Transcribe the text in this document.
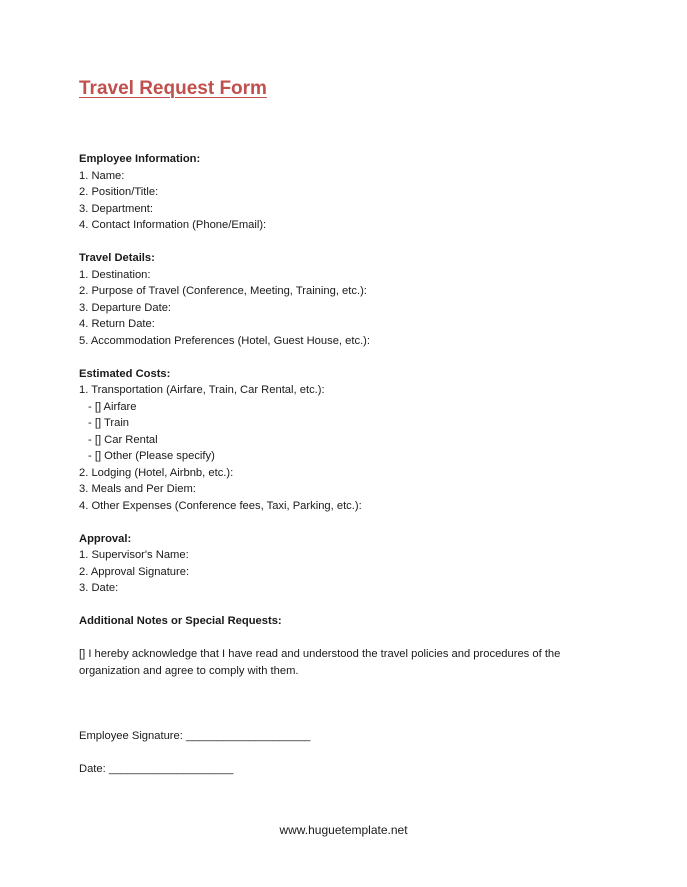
Travel Request Form
Employee Information:
1. Name:
2. Position/Title:
3. Department:
4. Contact Information (Phone/Email):
Travel Details:
1. Destination:
2. Purpose of Travel (Conference, Meeting, Training, etc.):
3. Departure Date:
4. Return Date:
5. Accommodation Preferences (Hotel, Guest House, etc.):
Estimated Costs:
1. Transportation (Airfare, Train, Car Rental, etc.):
- [] Airfare
- [] Train
- [] Car Rental
- [] Other (Please specify)
2. Lodging (Hotel, Airbnb, etc.):
3. Meals and Per Diem:
4. Other Expenses (Conference fees, Taxi, Parking, etc.):
Approval:
1. Supervisor's Name:
2. Approval Signature:
3. Date:
Additional Notes or Special Requests:
[] I hereby acknowledge that I have read and understood the travel policies and procedures of the organization and agree to comply with them.
Employee Signature: ____________________
Date: ____________________
www.huguetemplate.net
